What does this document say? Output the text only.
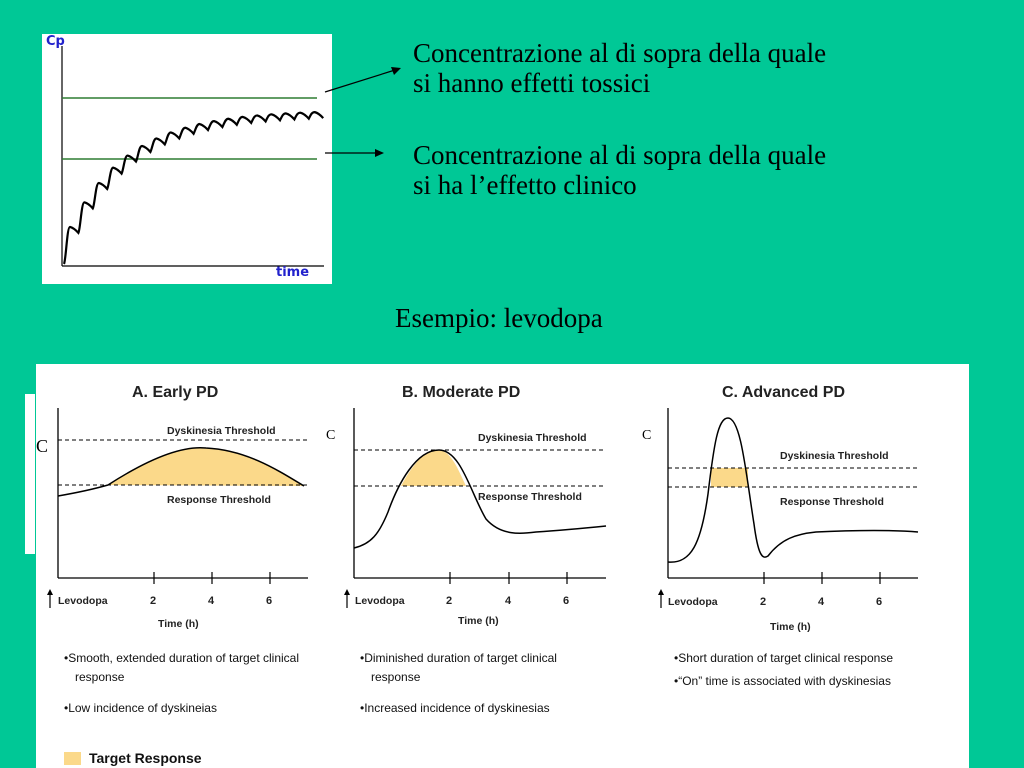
Cp
time
Concentrazione al di sopra della quale
si hanno effetti tossici
Concentrazione al di sopra della quale
si ha l’effetto clinico
Esempio: levodopa
A. Early PD	B. Moderate PD	C. Advanced PD
Dyskinesia Threshold
Response Threshold
Dyskinesia Threshold
Response Threshold
Dyskinesia Threshold
Response Threshold
Levodopa	Levodopa	Levodopa
2	4	6	2	4	6	2	4	6
Time (h)	Time (h)	Time (h)
C
C	C

• Smooth, extended duration of target clinical response

• Low incidence of dyskineias

• Diminished duration of target clinical response

• Increased incidence of dyskinesias

• Short duration of target clinical response

• “On” time is associated with dyskinesias

Target Response
